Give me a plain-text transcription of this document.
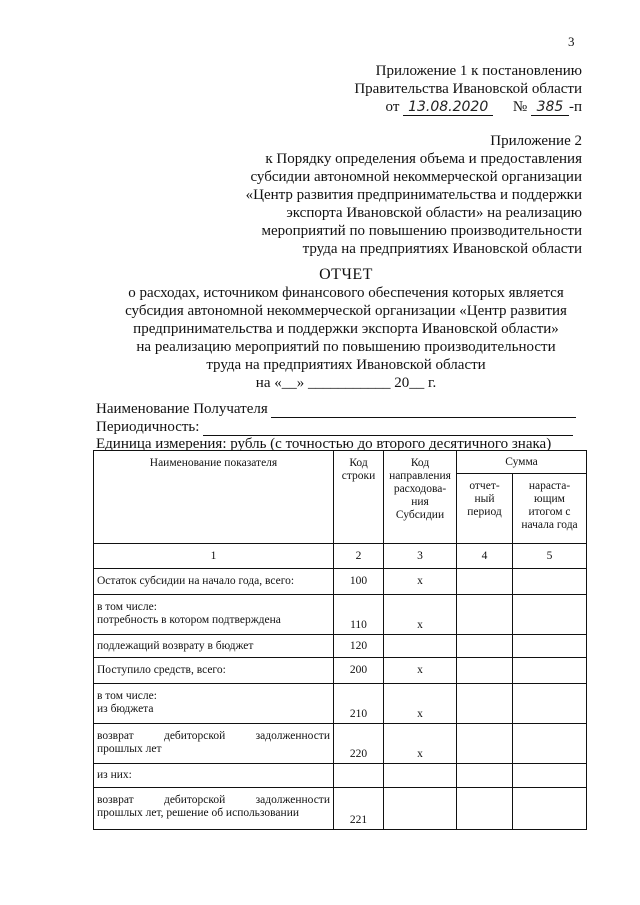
3
Приложение 1 к постановлению
Правительства Ивановской области
от 13.08.2020 № 385 -п
Приложение 2
к Порядку определения объема и предоставления
субсидии автономной некоммерческой организации
«Центр развития предпринимательства и поддержки
экспорта Ивановской области» на реализацию
мероприятий по повышению производительности
труда на предприятиях Ивановской области
ОТЧЕТ
о расходах, источником финансового обеспечения которых является
субсидия автономной некоммерческой организации «Центр развития
предпринимательства и поддержки экспорта Ивановской области»
на реализацию мероприятий по повышению производительности
труда на предприятиях Ивановской области
на «__» ___________ 20__ г.
Наименование Получателя
Периодичность:
Единица измерения: рубль (с точностью до второго десятичного знака)
Наименование показателя	Код строки	Код направления расходова-ния Субсидии	Сумма	
			отчет-ный период	нараста-ющим итогом с начала года
1	2	3	4	5
Остаток субсидии на начало года, всего:	100	x		

в том числе:
потребность в котором подтверждена	110	x		
подлежащий возврату в бюджет	120			
Поступило средств, всего:	200	x		

в том числе:
из бюджета	210	x		

возврат дебиторской задолженности
прошлых лет	220	x		
из них:				

возврат дебиторской задолженности
прошлых лет, решение об использовании	221			
